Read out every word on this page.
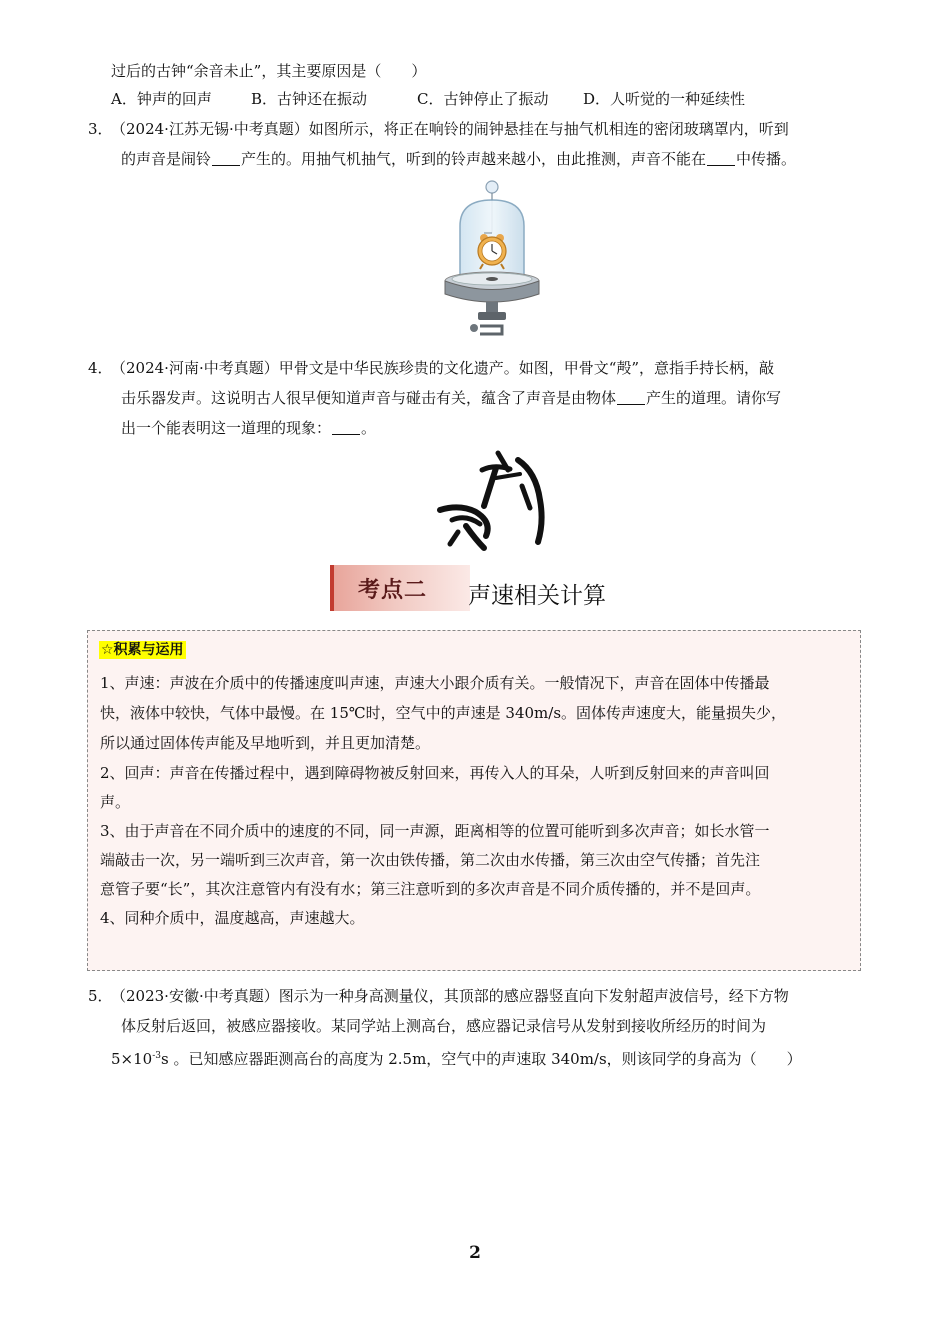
过后的古钟“余音未止”，其主要原因是（　　）
A．钟声的回声	B．古钟还在振动	C．古钟停止了振动 D．人听觉的一种延续性
3．
（2024·江苏无锡·中考真题）如图所示，将正在响铃的闹钟悬挂在与抽气机相连的密闭玻璃罩内，听到
的声音是闹铃 产生的。用抽气机抽气，听到的铃声越来越小，由此推测，声音不能在 中传播。
4．
（2024·河南·中考真题）甲骨文是中华民族珍贵的文化遗产。如图，甲骨文“殸”，意指手持长柄，敲
击乐器发声。这说明古人很早便知道声音与碰击有关，蕴含了声音是由物体 产生的道理。请你写
出一个能表明这一道理的现象： 。
考点二 声速相关计算
☆积累与运用
1、声速：声波在介质中的传播速度叫声速，声速大小跟介质有关。一般情况下，声音在固体中传播最
快，液体中较快，气体中最慢。在 15℃时，空气中的声速是 340m/s。固体传声速度大，能量损失少，
所以通过固体传声能及早地听到，并且更加清楚。
2、回声：声音在传播过程中，遇到障碍物被反射回来，再传入人的耳朵，人听到反射回来的声音叫回
声。
3、由于声音在不同介质中的速度的不同，同一声源，距离相等的位置可能听到多次声音；如长水管一
端敲击一次，另一端听到三次声音，第一次由铁传播，第二次由水传播，第三次由空气传播；首先注
意管子要“长”，其次注意管内有没有水；第三注意听到的多次声音是不同介质传播的，并不是回声。
4、同种介质中，温度越高，声速越大。
5．
（2023·安徽·中考真题）图示为一种身高测量仪，其顶部的感应器竖直向下发射超声波信号，经下方物
体反射后返回，被感应器接收。某同学站上测高台，感应器记录信号从发射到接收所经历的时间为
$5\times 10^{-3}s$ 。已知感应器距测高台的高度为 2.5m，空气中的声速取 340m/s，则该同学的身高为（　　）
2
